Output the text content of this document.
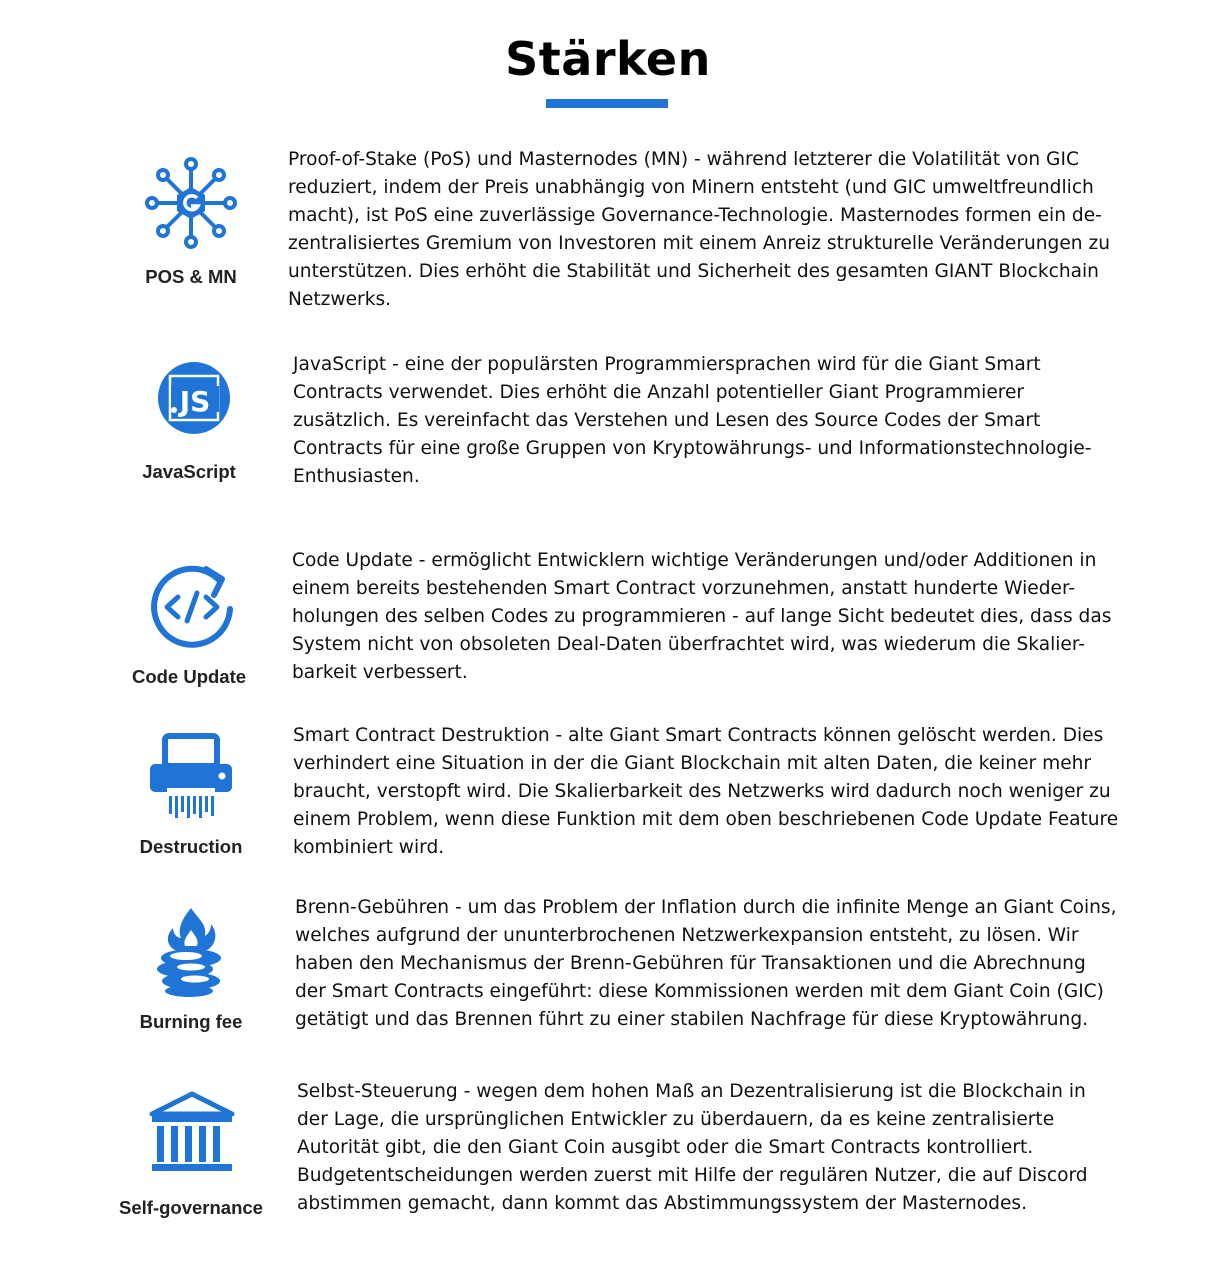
Stärken
POS & MN
Proof-of-Stake (PoS) und Masternodes (MN) - während letzterer die Volatilität von GIC
reduziert, indem der Preis unabhängig von Minern entsteht (und GIC umweltfreundlich
macht), ist PoS eine zuverlässige Governance-Technologie. Masternodes formen ein de-
zentralisiertes Gremium von Investoren mit einem Anreiz strukturelle Veränderungen zu
unterstützen. Dies erhöht die Stabilität und Sicherheit des gesamten GIANT Blockchain
Netzwerks.
JS
JavaScript
JavaScript - eine der populärsten Programmiersprachen wird für die Giant Smart
Contracts verwendet. Dies erhöht die Anzahl potentieller Giant Programmierer
zusätzlich. Es vereinfacht das Verstehen und Lesen des Source Codes der Smart
Contracts für eine große Gruppen von Kryptowährungs- und Informationstechnologie-
Enthusiasten.
Code Update
Code Update - ermöglicht Entwicklern wichtige Veränderungen und/oder Additionen in
einem bereits bestehenden Smart Contract vorzunehmen, anstatt hunderte Wieder-
holungen des selben Codes zu programmieren - auf lange Sicht bedeutet dies, dass das
System nicht von obsoleten Deal-Daten überfrachtet wird, was wiederum die Skalier-
barkeit verbessert.
Destruction
Smart Contract Destruktion - alte Giant Smart Contracts können gelöscht werden. Dies
verhindert eine Situation in der die Giant Blockchain mit alten Daten, die keiner mehr
braucht, verstopft wird. Die Skalierbarkeit des Netzwerks wird dadurch noch weniger zu
einem Problem, wenn diese Funktion mit dem oben beschriebenen Code Update Feature
kombiniert wird.
Burning fee
Brenn-Gebühren - um das Problem der Inflation durch die infinite Menge an Giant Coins,
welches aufgrund der ununterbrochenen Netzwerkexpansion entsteht, zu lösen. Wir
haben den Mechanismus der Brenn-Gebühren für Transaktionen und die Abrechnung
der Smart Contracts eingeführt: diese Kommissionen werden mit dem Giant Coin (GIC)
getätigt und das Brennen führt zu einer stabilen Nachfrage für diese Kryptowährung.
Self-governance
Selbst-Steuerung - wegen dem hohen Maß an Dezentralisierung ist die Blockchain in
der Lage, die ursprünglichen Entwickler zu überdauern, da es keine zentralisierte
Autorität gibt, die den Giant Coin ausgibt oder die Smart Contracts kontrolliert.
Budgetentscheidungen werden zuerst mit Hilfe der regulären Nutzer, die auf Discord
abstimmen gemacht, dann kommt das Abstimmungssystem der Masternodes.
